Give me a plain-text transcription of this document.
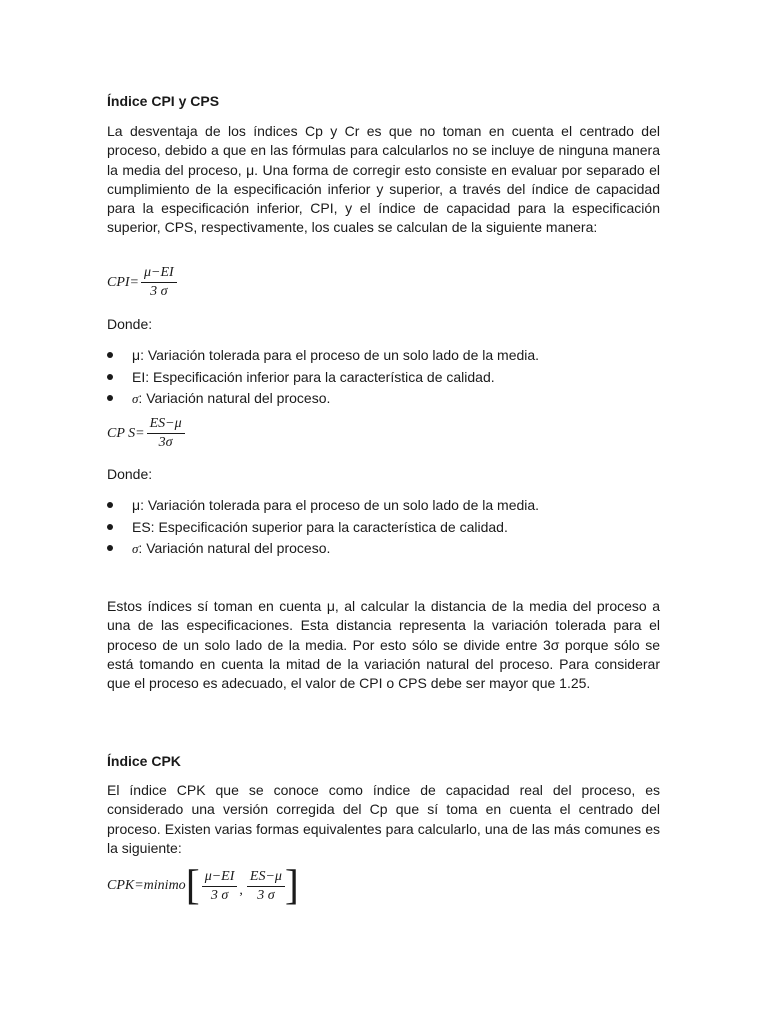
Índice CPI y CPS

La desventaja de los índices Cp y Cr es que no toman en cuenta el centrado del proceso, debido a que en las fórmulas para calcularlos no se incluye de ninguna manera la media del proceso, μ. Una forma de corregir esto consiste en evaluar por separado el cumplimiento de la especificación inferior y superior, a través del índice de capacidad para la especificación inferior, CPI, y el índice de capacidad para la especificación superior, CPS, respectivamente, los cuales se calculan de la siguiente manera:

$CPI= \frac{\mu-EI}{3 \sigma}$

Donde:

μ: Variación tolerada para el proceso de un solo lado de la media.
EI: Especificación inferior para la característica de calidad.
σ: Variación natural del proceso.
CP $S= \frac{ES-\mu}{3\sigma}$

Donde:

μ: Variación tolerada para el proceso de un solo lado de la media.
ES: Especificación superior para la característica de calidad.
σ: Variación natural del proceso.

Estos índices sí toman en cuenta μ, al calcular la distancia de la media del proceso a una de las especificaciones. Esta distancia representa la variación tolerada para el proceso de un solo lado de la media. Por esto sólo se divide entre 3σ porque sólo se está tomando en cuenta la mitad de la variación natural del proceso. Para considerar que el proceso es adecuado, el valor de CPI o CPS debe ser mayor que 1.25.

Índice CPK

El índice CPK que se conoce como índice de capacidad real del proceso, es considerado una versión corregida del Cp que sí toma en cuenta el centrado del proceso. Existen varias formas equivalentes para calcularlo, una de las más comunes es la siguiente:

CPK=minimo [ $\frac{\mu-EI}{3 \sigma}$ , $\frac{ES-\mu}{3 \sigma}$ ]
